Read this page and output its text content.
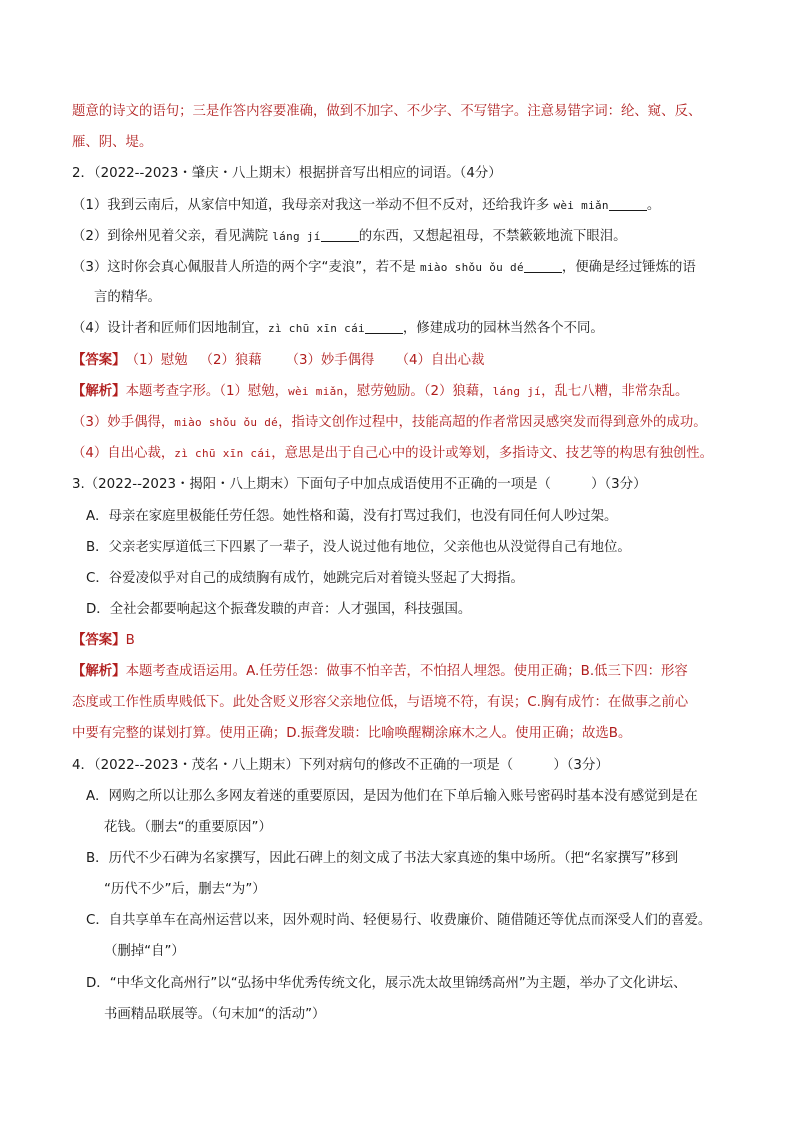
题意的诗文的语句；三是作答内容要准确，做到不加字、不少字、不写错字。注意易错字词：纶、窥、反、
雁、阴、堤。
2．（2022--2023・肇庆・八上期末）根据拼音写出相应的词语。（4分）
（1）我到云南后，从家信中知道，我母亲对我这一举动不但不反对，还给我许多 wèi miǎn	。
（2）到徐州见着父亲，看见满院 láng jí	的东西，又想起祖母，不禁簌簌地流下眼泪。
（3）这时你会真心佩服昔人所造的两个字“麦浪”，若不是 miào shǒu ǒu dé	，便确是经过锤炼的语
言的精华。
（4）设计者和匠师们因地制宜，zì chū xīn cái	，修建成功的园林当然各个不同。
【答案】（1）慰勉 （2）狼藉 （3）妙手偶得 （4）自出心裁
【解析】本题考查字形。（1）慰勉，wèi miǎn，慰劳勉励。（2）狼藉，láng jí，乱七八糟，非常杂乱。
（3）妙手偶得，miào shǒu ǒu dé，指诗文创作过程中，技能高超的作者常因灵感突发而得到意外的成功。
（4）自出心裁，zì chū xīn cái，意思是出于自己心中的设计或筹划，多指诗文、技艺等的构思有独创性。
3.（2022--2023・揭阳・八上期末）下面句子中加点成语使用不正确的一项是（　　　）（3分）
A．母亲在家庭里极能任劳任怨。她性格和蔼，没有打骂过我们，也没有同任何人吵过架。
B．父亲老实厚道低三下四累了一辈子，没人说过他有地位，父亲他也从没觉得自己有地位。
C．谷爱凌似乎对自己的成绩胸有成竹，她跳完后对着镜头竖起了大拇指。
D．全社会都要响起这个振聋发聩的声音：人才强国，科技强国。
【答案】B
【解析】本题考查成语运用。A.任劳任怨：做事不怕辛苦，不怕招人埋怨。使用正确；B.低三下四：形容
态度或工作性质卑贱低下。此处含贬义形容父亲地位低，与语境不符，有误；C.胸有成竹：在做事之前心
中要有完整的谋划打算。使用正确；D.振聋发聩：比喻唤醒糊涂麻木之人。使用正确；故选B。
4．（2022--2023・茂名・八上期末）下列对病句的修改不正确的一项是（　　　）（3分）
A．网购之所以让那么多网友着迷的重要原因，是因为他们在下单后输入账号密码时基本没有感觉到是在
花钱。（删去“的重要原因”）
B．历代不少石碑为名家撰写，因此石碑上的刻文成了书法大家真迹的集中场所。（把“名家撰写”移到
“历代不少”后，删去“为”）
C．自共享单车在高州运营以来，因外观时尚、轻便易行、收费廉价、随借随还等优点而深受人们的喜爱。
（删掉“自”）
D．“中华文化高州行”以“弘扬中华优秀传统文化，展示冼太故里锦绣高州”为主题，举办了文化讲坛、
书画精品联展等。（句末加“的活动”）
